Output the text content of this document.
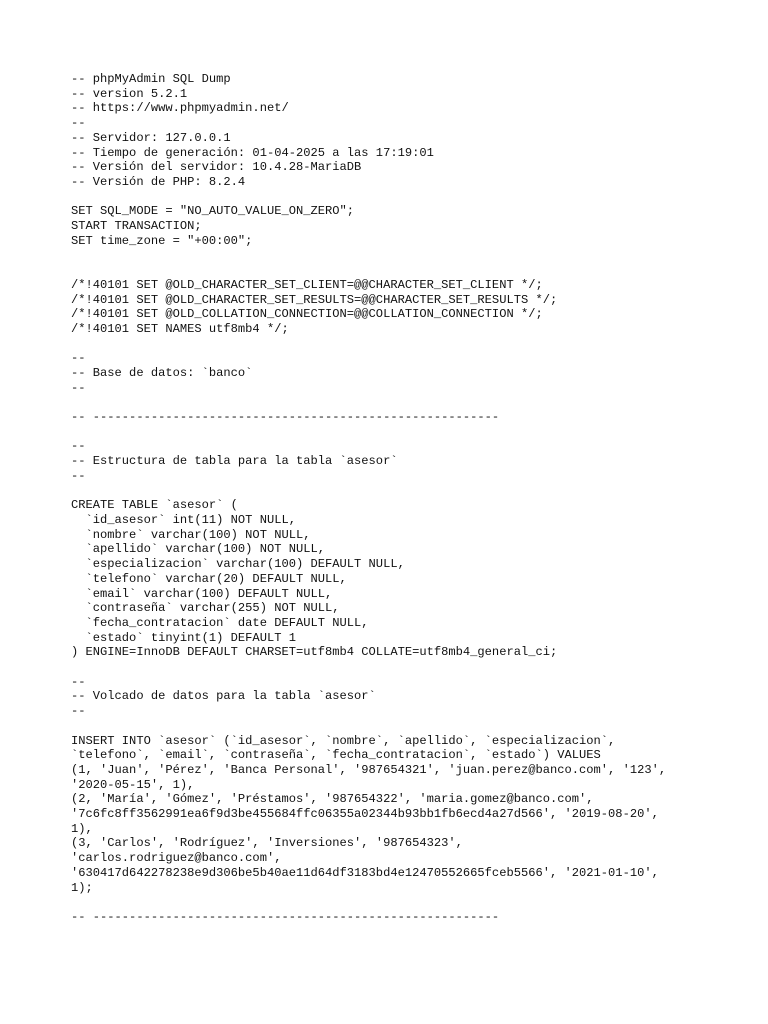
-- phpMyAdmin SQL Dump
-- version 5.2.1
-- https://www.phpmyadmin.net/
--
-- Servidor: 127.0.0.1
-- Tiempo de generación: 01-04-2025 a las 17:19:01
-- Versión del servidor: 10.4.28-MariaDB
-- Versión de PHP: 8.2.4
SET SQL_MODE = "NO_AUTO_VALUE_ON_ZERO";
START TRANSACTION;
SET time_zone = "+00:00";
/*!40101 SET @OLD_CHARACTER_SET_CLIENT=@@CHARACTER_SET_CLIENT */;
/*!40101 SET @OLD_CHARACTER_SET_RESULTS=@@CHARACTER_SET_RESULTS */;
/*!40101 SET @OLD_COLLATION_CONNECTION=@@COLLATION_CONNECTION */;
/*!40101 SET NAMES utf8mb4 */;
--
-- Base de datos: `banco`
--
-- --------------------------------------------------------
--
-- Estructura de tabla para la tabla `asesor`
--
CREATE TABLE `asesor` (
`id_asesor` int(11) NOT NULL,
`nombre` varchar(100) NOT NULL,
`apellido` varchar(100) NOT NULL,
`especializacion` varchar(100) DEFAULT NULL,
`telefono` varchar(20) DEFAULT NULL,
`email` varchar(100) DEFAULT NULL,
`contraseña` varchar(255) NOT NULL,
`fecha_contratacion` date DEFAULT NULL,
`estado` tinyint(1) DEFAULT 1
) ENGINE=InnoDB DEFAULT CHARSET=utf8mb4 COLLATE=utf8mb4_general_ci;
--
-- Volcado de datos para la tabla `asesor`
--
INSERT INTO `asesor` (`id_asesor`, `nombre`, `apellido`, `especializacion`,
`telefono`, `email`, `contraseña`, `fecha_contratacion`, `estado`) VALUES
(1, 'Juan', 'Pérez', 'Banca Personal', '987654321', 'juan.perez@banco.com', '123',
'2020-05-15', 1),
(2, 'María', 'Gómez', 'Préstamos', '987654322', 'maria.gomez@banco.com',
'7c6fc8ff3562991ea6f9d3be455684ffc06355a02344b93bb1fb6ecd4a27d566', '2019-08-20',
1),
(3, 'Carlos', 'Rodríguez', 'Inversiones', '987654323',
'carlos.rodriguez@banco.com',
'630417d642278238e9d306be5b40ae11d64df3183bd4e12470552665fceb5566', '2021-01-10',
1);
-- --------------------------------------------------------
